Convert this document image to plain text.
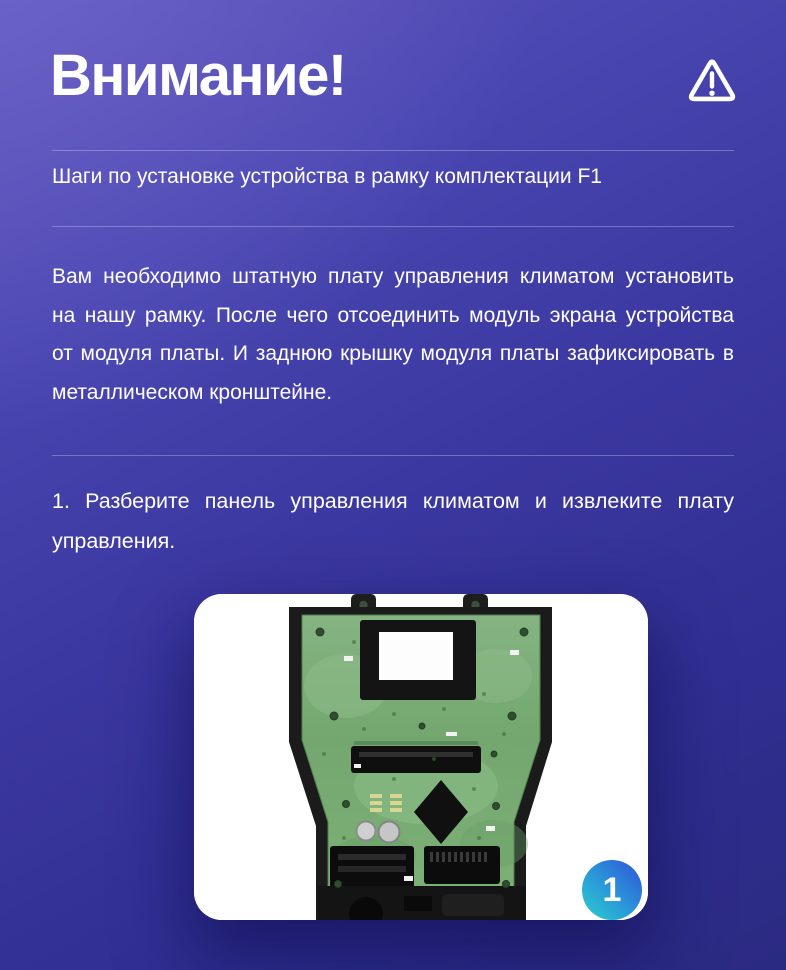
Внимание!
Шаги по установке устройства в рамку комплектации F1
Вам необходимо штатную плату управления климатом установить
на нашу рамку. После чего отсоединить модуль экрана устройства
от модуля платы. И заднюю крышку модуля платы зафиксировать в
металлическом кронштейне.
1. Разберите панель управления климатом и извлеките плату
управления.
1
